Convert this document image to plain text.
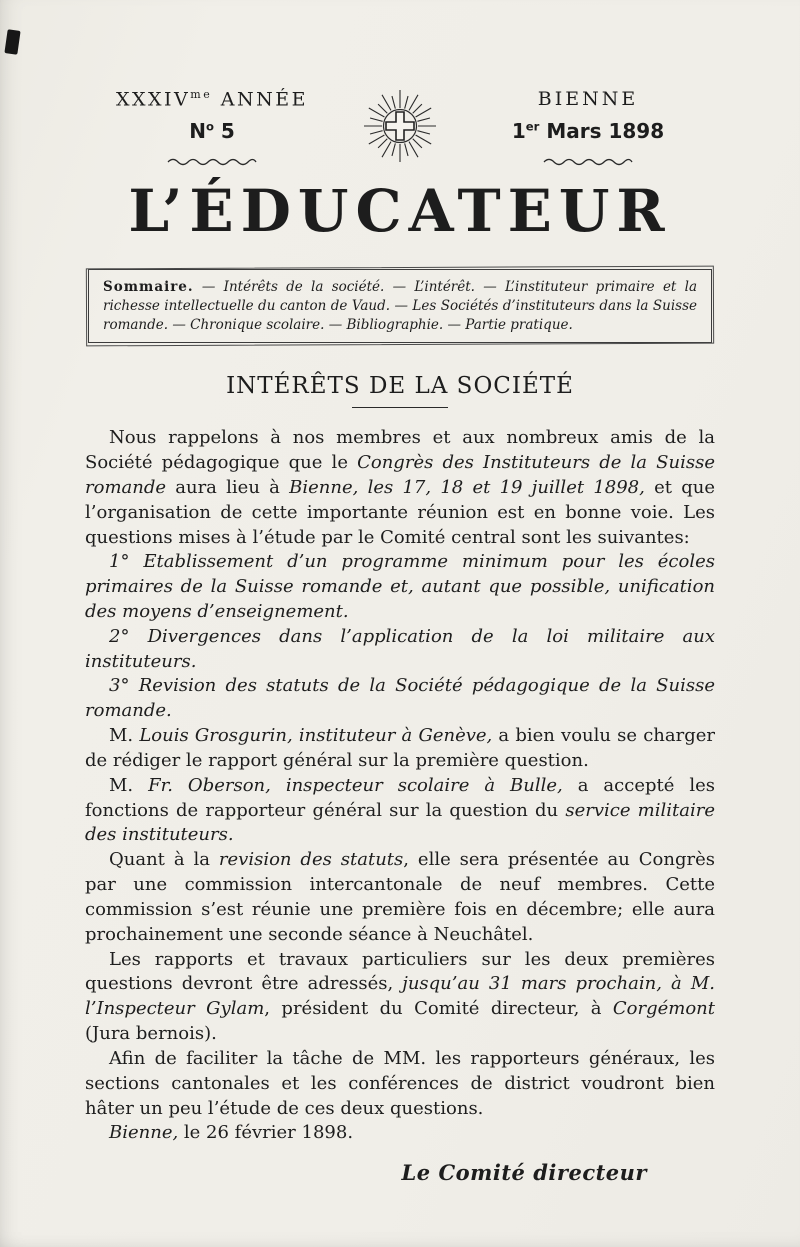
$XXXIV^{me}$ ANNÉE
$N^o$ 5
BIENNE
1er Mars 1898
L’ÉDUCATEUR
Sommaire. — Intérêts de la société. — L’intérêt. — L’instituteur primaire et la richesse intellectuelle du canton de Vaud. — Les Sociétés d’instituteurs dans la Suisse romande. — Chronique scolaire. — Bibliographie. — Partie pratique.
INTÉRÊTS DE LA SOCIÉTÉ

Nous rappelons à nos membres et aux nombreux amis de la Société pédagogique que le Congrès des Instituteurs de la Suisse romande aura lieu à Bienne, les 17, 18 et 19 juillet 1898, et que l’organisation de cette importante réunion est en bonne voie. Les questions mises à l’étude par le Comité central sont les suivantes:

1° Etablissement d’un programme minimum pour les écoles primaires de la Suisse romande et, autant que possible, unification des moyens d’enseignement.

2° Divergences dans l’application de la loi militaire aux instituteurs.

3° Revision des statuts de la Société pédagogique de la Suisse romande.

M. Louis Grosgurin, instituteur à Genève, a bien voulu se charger de rédiger le rapport général sur la première question.

M. Fr. Oberson, inspecteur scolaire à Bulle, a accepté les fonctions de rapporteur général sur la question du service militaire des instituteurs.

Quant à la revision des statuts, elle sera présentée au Congrès par une commission intercantonale de neuf membres. Cette commission s’est réunie une première fois en décembre; elle aura prochainement une seconde séance à Neuchâtel.

Les rapports et travaux particuliers sur les deux premières questions devront être adressés, jusqu’au 31 mars prochain, à M. l’Inspecteur Gylam, président du Comité directeur, à Corgémont (Jura bernois).

Afin de faciliter la tâche de MM. les rapporteurs généraux, les sections cantonales et les conférences de district voudront bien hâter un peu l’étude de ces deux questions.

Bienne, le 26 février 1898.

Le Comité directeur
